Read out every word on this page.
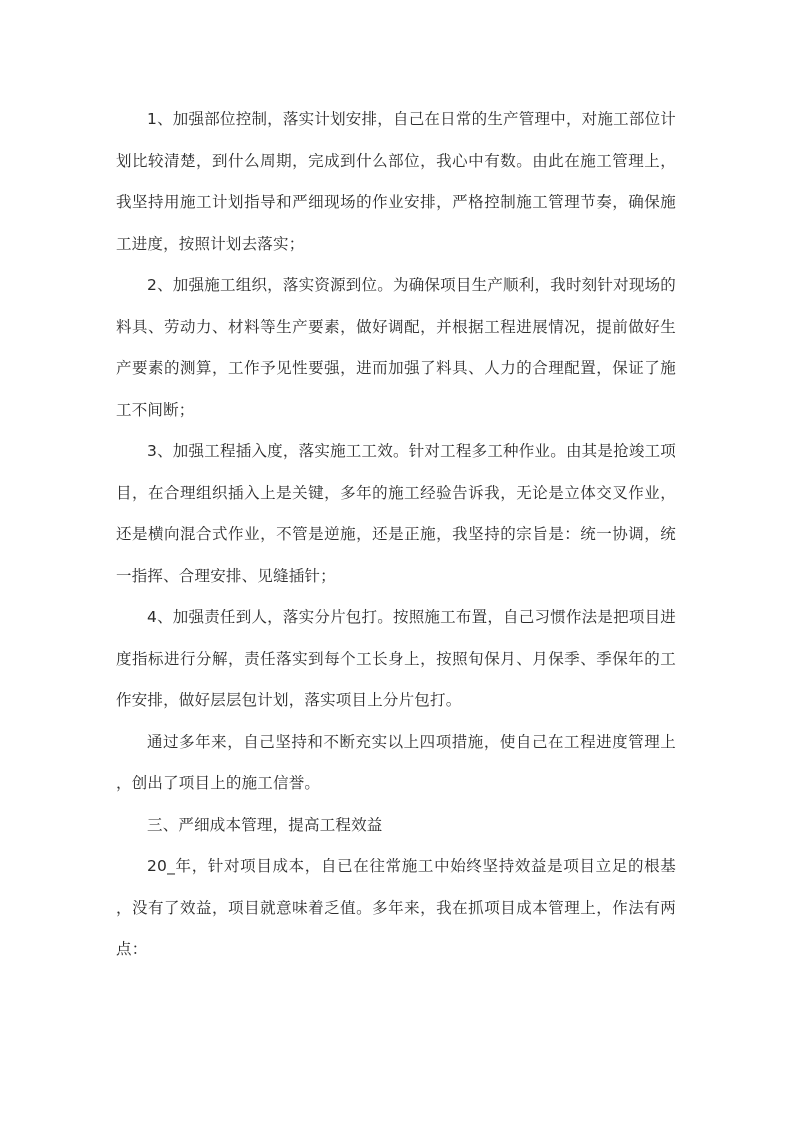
1、加强部位控制，落实计划安排，自己在日常的生产管理中，对施工部位计划比较清楚，到什么周期，完成到什么部位，我心中有数。由此在施工管理上，我坚持用施工计划指导和严细现场的作业安排，严格控制施工管理节奏，确保施工进度，按照计划去落实；

2、加强施工组织，落实资源到位。为确保项目生产顺利，我时刻针对现场的料具、劳动力、材料等生产要素，做好调配，并根据工程进展情况，提前做好生产要素的测算，工作予见性要强，进而加强了料具、人力的合理配置，保证了施工不间断；

3、加强工程插入度，落实施工工效。针对工程多工种作业。由其是抢竣工项目，在合理组织插入上是关键，多年的施工经验告诉我，无论是立体交叉作业，还是横向混合式作业，不管是逆施，还是正施，我坚持的宗旨是：统一协调，统一指挥、合理安排、见缝插针；

4、加强责任到人，落实分片包打。按照施工布置，自己习惯作法是把项目进度指标进行分解，责任落实到每个工长身上，按照旬保月、月保季、季保年的工作安排，做好层层包计划，落实项目上分片包打。

通过多年来，自己坚持和不断充实以上四项措施，使自己在工程进度管理上，创出了项目上的施工信誉。

三、严细成本管理，提高工程效益

20_年，针对项目成本，自已在往常施工中始终坚持效益是项目立足的根基，没有了效益，项目就意味着乏值。多年来，我在抓项目成本管理上，作法有两点：
